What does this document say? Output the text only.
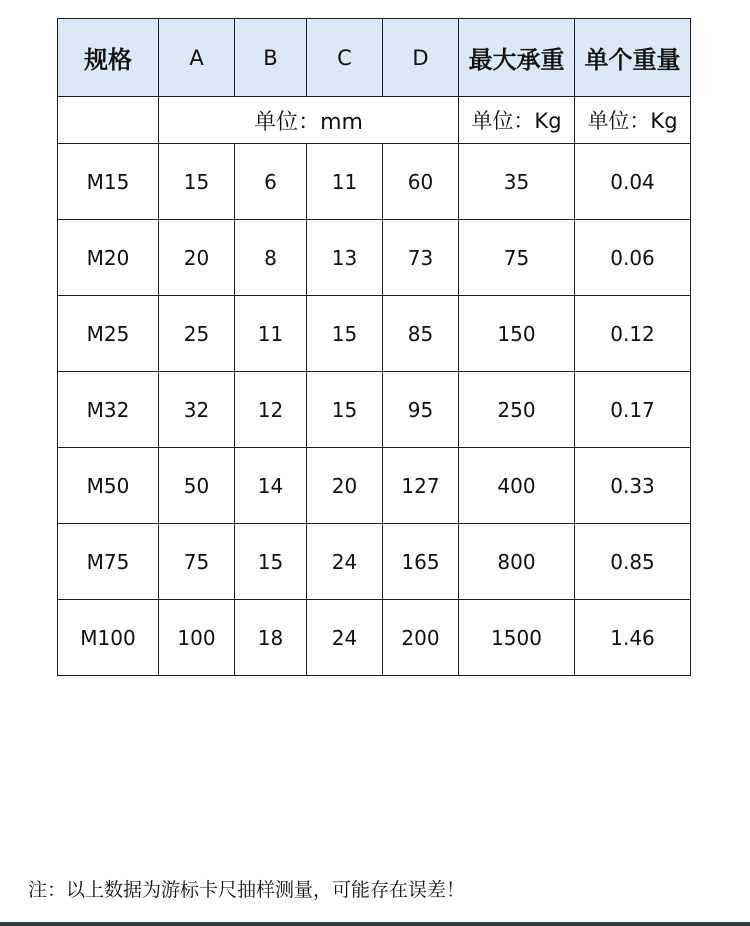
规格	A	B	C	D	最大承重	单个重量
	单位：mm				单位：Kg	单位：Kg
M15	15	6	11	60	35	0.04
M20	20	8	13	73	75	0.06
M25	25	11	15	85	150	0.12
M32	32	12	15	95	250	0.17
M50	50	14	20	127	400	0.33
M75	75	15	24	165	800	0.85
M100	100	18	24	200	1500	1.46
注：以上数据为游标卡尺抽样测量，可能存在误差！
